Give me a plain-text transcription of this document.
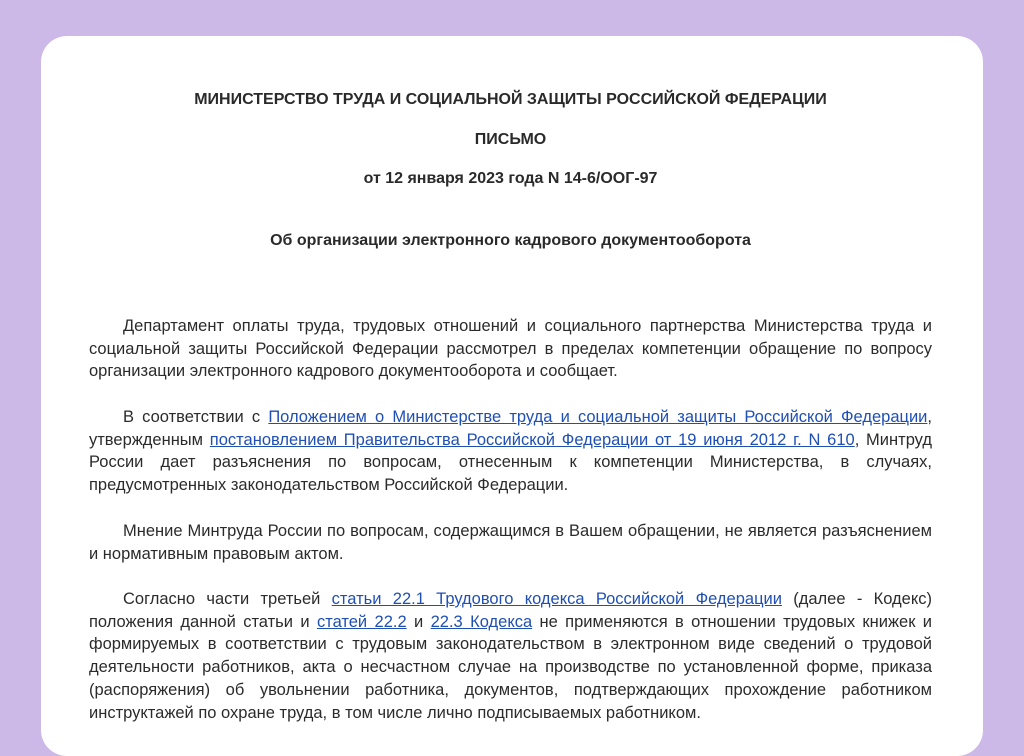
МИНИСТЕРСТВО ТРУДА И СОЦИАЛЬНОЙ ЗАЩИТЫ РОССИЙСКОЙ ФЕДЕРАЦИИ
ПИСЬМО
от 12 января 2023 года N 14-6/ООГ-97
Об организации электронного кадрового документооборота

Департамент оплаты труда, трудовых отношений и социального партнерства Министерства труда и социальной защиты Российской Федерации рассмотрел в пределах компетенции обращение по вопросу организации электронного кадрового документооборота и сообщает.

В соответствии с Положением о Министерстве труда и социальной защиты Российской Федерации, утвержденным постановлением Правительства Российской Федерации от 19 июня 2012 г. N 610, Минтруд России дает разъяснения по вопросам, отнесенным к компетенции Министерства, в случаях, предусмотренных законодательством Российской Федерации.

Мнение Минтруда России по вопросам, содержащимся в Вашем обращении, не является разъяснением и нормативным правовым актом.

Согласно части третьей статьи 22.1 Трудового кодекса Российской Федерации (далее - Кодекс) положения данной статьи и статей 22.2 и 22.3 Кодекса не применяются в отношении трудовых книжек и формируемых в соответствии с трудовым законодательством в электронном виде сведений о трудовой деятельности работников, акта о несчастном случае на производстве по установленной форме, приказа (распоряжения) об увольнении работника, документов, подтверждающих прохождение работником инструктажей по охране труда, в том числе лично подписываемых работником.
